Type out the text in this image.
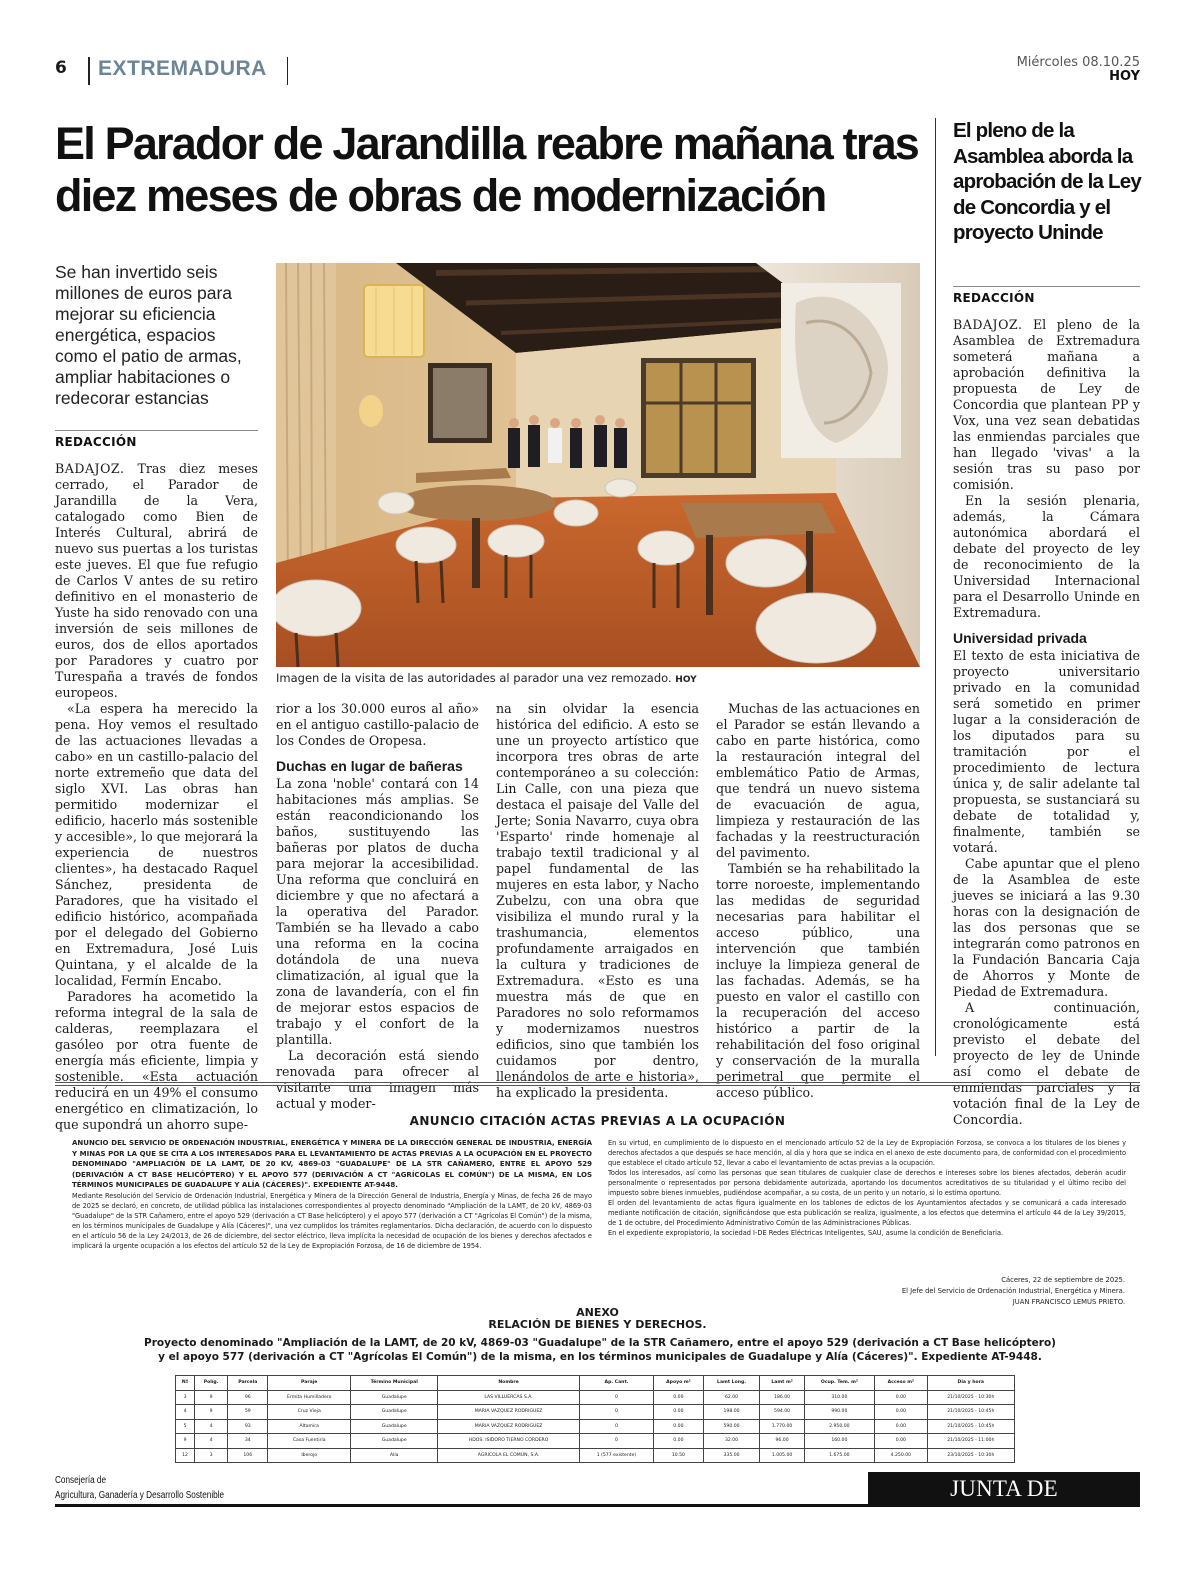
6 EXTREMADURA	Miércoles 08.10.25
HOY
El Parador de Jarandilla reabre mañana tras diez meses de obras de modernización
Se han invertido seis millones de euros para mejorar su eficiencia energética, espacios como el patio de armas, ampliar habitaciones o redecorar estancias
REDACCIÓN

BADAJOZ. Tras diez meses cerrado, el Parador de Jarandilla de la Vera, catalogado como Bien de Interés Cultural, abrirá de nuevo sus puertas a los turistas este jueves. El que fue refugio de Carlos V antes de su retiro definitivo en el monasterio de Yuste ha sido renovado con una inversión de seis millones de euros, dos de ellos aportados por Paradores y cuatro por Turespaña a través de fondos europeos.

«La espera ha merecido la pena. Hoy vemos el resultado de las actuaciones llevadas a cabo» en un castillo-palacio del norte extremeño que data del siglo XVI. Las obras han permitido modernizar el edificio, hacerlo más sostenible y accesible», lo que mejorará la experiencia de nuestros clientes», ha destacado Raquel Sánchez, presidenta de Paradores, que ha visitado el edificio histórico, acompañada por el delegado del Gobierno en Extremadura, José Luis Quintana, y el alcalde de la localidad, Fermín Encabo.

Paradores ha acometido la reforma integral de la sala de calderas, reemplazara el gasóleo por otra fuente de energía más eficiente, limpia y sostenible. «Esta actuación reducirá en un 49% el consumo energético en climatización, lo que supondrá un ahorro supe-

Imagen de la visita de las autoridades al parador una vez remozado. HOY

rior a los 30.000 euros al año» en el antiguo castillo-palacio de los Condes de Oropesa.

Duchas en lugar de bañeras

La zona 'noble' contará con 14 habitaciones más amplias. Se están reacondicionando los baños, sustituyendo las bañeras por platos de ducha para mejorar la accesibilidad. Una reforma que concluirá en diciembre y que no afectará a la operativa del Parador. También se ha llevado a cabo una reforma en la cocina dotándola de una nueva climatización, al igual que la zona de lavandería, con el fin de mejorar estos espacios de trabajo y el confort de la plantilla.

La decoración está siendo renovada para ofrecer al visitante una imagen más actual y moder-

na sin olvidar la esencia histórica del edificio. A esto se une un proyecto artístico que incorpora tres obras de arte contemporáneo a su colección: Lin Calle, con una pieza que destaca el paisaje del Valle del Jerte; Sonia Navarro, cuya obra 'Esparto' rinde homenaje al trabajo textil tradicional y al papel fundamental de las mujeres en esta labor, y Nacho Zubelzu, con una obra que visibiliza el mundo rural y la trashumancia, elementos profundamente arraigados en la cultura y tradiciones de Extremadura. «Esto es una muestra más de que en Paradores no solo reformamos y modernizamos nuestros edificios, sino que también los cuidamos por dentro, llenándolos de arte e historia», ha explicado la presidenta.

Muchas de las actuaciones en el Parador se están llevando a cabo en parte histórica, como la restauración integral del emblemático Patio de Armas, que tendrá un nuevo sistema de evacuación de agua, limpieza y restauración de las fachadas y la reestructuración del pavimento.

También se ha rehabilitado la torre noroeste, implementando las medidas de seguridad necesarias para habilitar el acceso público, una intervención que también incluye la limpieza general de las fachadas. Además, se ha puesto en valor el castillo con la recuperación del acceso histórico a partir de la rehabilitación del foso original y conservación de la muralla perimetral que permite el acceso público.

El pleno de la Asamblea aborda la aprobación de la Ley de Concordia y el proyecto Uninde
REDACCIÓN

BADAJOZ. El pleno de la Asamblea de Extremadura someterá mañana a aprobación definitiva la propuesta de Ley de Concordia que plantean PP y Vox, una vez sean debatidas las enmiendas parciales que han llegado 'vivas' a la sesión tras su paso por comisión.

En la sesión plenaria, además, la Cámara autonómica abordará el debate del proyecto de ley de reconocimiento de la Universidad Internacional para el Desarrollo Uninde en Extremadura.

Universidad privada

El texto de esta iniciativa de proyecto universitario privado en la comunidad será sometido en primer lugar a la consideración de los diputados para su tramitación por el procedimiento de lectura única y, de salir adelante tal propuesta, se sustanciará su debate de totalidad y, finalmente, también se votará.

Cabe apuntar que el pleno de la Asamblea de este jueves se iniciará a las 9.30 horas con la designación de las dos personas que se integrarán como patronos en la Fundación Bancaria Caja de Ahorros y Monte de Piedad de Extremadura.

A continuación, cronológicamente está previsto el debate del proyecto de ley de Uninde así como el debate de enmiendas parciales y la votación final de la Ley de Concordia.

ANUNCIO CITACIÓN ACTAS PREVIAS A LA OCUPACIÓN

ANUNCIO DEL SERVICIO DE ORDENACIÓN INDUSTRIAL, ENERGÉTICA Y MINERA DE LA DIRECCIÓN GENERAL DE INDUSTRIA, ENERGÍA Y MINAS POR LA QUE SE CITA A LOS INTERESADOS PARA EL LEVANTAMIENTO DE ACTAS PREVIAS A LA OCUPACIÓN EN EL PROYECTO DENOMINADO "AMPLIACIÓN DE LA LAMT, DE 20 KV, 4869-03 "GUADALUPE" DE LA STR CAÑAMERO, ENTRE EL APOYO 529 (DERIVACIÓN A CT BASE HELICÓPTERO) Y EL APOYO 577 (DERIVACIÓN A CT "AGRÍCOLAS EL COMÚN") DE LA MISMA, EN LOS TÉRMINOS MUNICIPALES DE GUADALUPE Y ALÍA (CÁCERES)". EXPEDIENTE AT-9448.

Mediante Resolución del Servicio de Ordenación Industrial, Energética y Minera de la Dirección General de Industria, Energía y Minas, de fecha 26 de mayo de 2025 se declaró, en concreto, de utilidad pública las instalaciones correspondientes al proyecto denominado "Ampliación de la LAMT, de 20 kV, 4869-03 "Guadalupe" de la STR Cañamero, entre el apoyo 529 (derivación a CT Base helicóptero) y el apoyo 577 (derivación a CT "Agrícolas El Común") de la misma, en los términos municipales de Guadalupe y Alía (Cáceres)", una vez cumplidos los trámites reglamentarios. Dicha declaración, de acuerdo con lo dispuesto en el artículo 56 de la Ley 24/2013, de 26 de diciembre, del sector eléctrico, lleva implícita la necesidad de ocupación de los bienes y derechos afectados e implicará la urgente ocupación a los efectos del artículo 52 de la Ley de Expropiación Forzosa, de 16 de diciembre de 1954.

En su virtud, en cumplimiento de lo dispuesto en el mencionado artículo 52 de la Ley de Expropiación Forzosa, se convoca a los titulares de los bienes y derechos afectados a que después se hace mención, al día y hora que se indica en el anexo de este documento para, de conformidad con el procedimiento que establece el citado artículo 52, llevar a cabo el levantamiento de actas previas a la ocupación.

Todos los interesados, así como las personas que sean titulares de cualquier clase de derechos e intereses sobre los bienes afectados, deberán acudir personalmente o representados por persona debidamente autorizada, aportando los documentos acreditativos de su titularidad y el último recibo del impuesto sobre bienes inmuebles, pudiéndose acompañar, a su costa, de un perito y un notario, si lo estima oportuno.

El orden del levantamiento de actas figura igualmente en los tablones de edictos de los Ayuntamientos afectados y se comunicará a cada interesado mediante notificación de citación, significándose que esta publicación se realiza, igualmente, a los efectos que determina el artículo 44 de la Ley 39/2015, de 1 de octubre, del Procedimiento Administrativo Común de las Administraciones Públicas.

En el expediente expropiatorio, la sociedad I-DE Redes Eléctricas Inteligentes, SAU, asume la condición de Beneficiaria.

Cáceres, 22 de septiembre de 2025.
El Jefe del Servicio de Ordenación Industrial, Energética y Minera.
JUAN FRANCISCO LEMUS PRIETO.
ANEXO
RELACIÓN DE BIENES Y DERECHOS.
Proyecto denominado "Ampliación de la LAMT, de 20 kV, 4869-03 "Guadalupe" de la STR Cañamero, entre el apoyo 529 (derivación a CT Base helicóptero)
y el apoyo 577 (derivación a CT "Agrícolas El Común") de la misma, en los términos municipales de Guadalupe y Alía (Cáceres)". Expediente AT-9448.
Nº	Políg.	Parcela	Paraje	Término Municipal	Nombre	Ap. Cant.	Apoyo m²	Lamt Long.	Lamt m²	Ocup. Tem. m²	Acceso m²	Día y hora
3	9	96	Ermita Humilladero	Guadalupe	LAS VILLUERCAS S.A.	0	0.00	62.00	186.00	310.00	0.00	21/10/2025 - 10:30h
4	9	59	Cruz Vieja	Guadalupe	MARIA VAZQUEZ RODRIGUEZ	0	0.00	198.00	594.00	990.00	0.00	21/10/2025 - 10:45h
5	4	93	Altamira	Guadalupe	MARIA VAZQUEZ RODRIGUEZ	0	0.00	590.00	1.770.00	2.950.00	0.00	21/10/2025 - 10:45h
9	4	34	Casa Fuentiria	Guadalupe	HDOS. ISIDORO TIERNO CORDERO	0	0.00	32.00	96.00	160.00	0.00	21/10/2025 - 11:00h
12	3	106	Iberojo	Alía	AGRICOLA EL COMÚN, S.A.	1 (577 existente)	10.50	335.00	1.005.00	1.675.00	4.250.00	23/10/2025 - 10:30h
Consejería de
Agricultura, Ganadería y Desarrollo Sostenible	JUNTA DE EXTREMADURA
